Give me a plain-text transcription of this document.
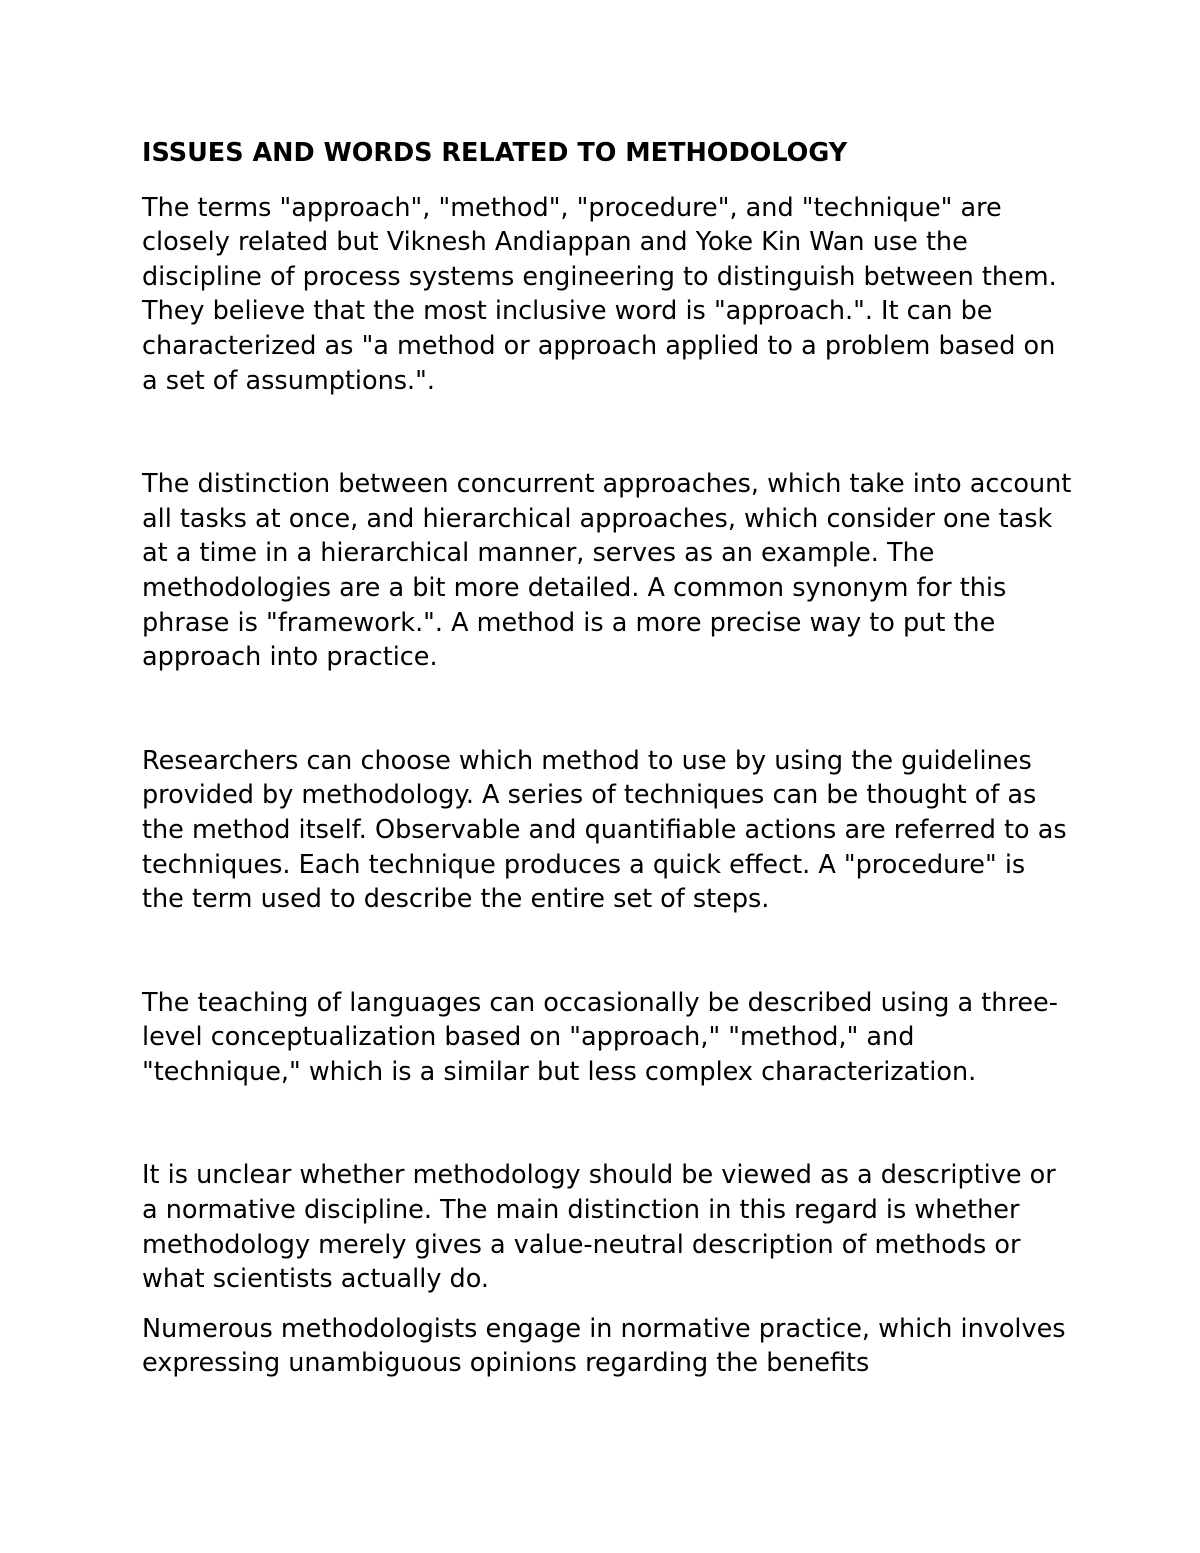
ISSUES AND WORDS RELATED TO METHODOLOGY

The terms "approach", "method", "procedure", and "technique" are closely related but Viknesh Andiappan and Yoke Kin Wan use the discipline of process systems engineering to distinguish between them. They believe that the most inclusive word is "approach.". It can be characterized as "a method or approach applied to a problem based on a set of assumptions.".

The distinction between concurrent approaches, which take into account all tasks at once, and hierarchical approaches, which consider one task at a time in a hierarchical manner, serves as an example. The methodologies are a bit more detailed. A common synonym for this phrase is "framework.". A method is a more precise way to put the approach into practice.

Researchers can choose which method to use by using the guidelines provided by methodology. A series of techniques can be thought of as the method itself. Observable and quantifiable actions are referred to as techniques. Each technique produces a quick effect. A "procedure" is the term used to describe the entire set of steps.

The teaching of languages can occasionally be described using a three-level conceptualization based on "approach," "method," and "technique," which is a similar but less complex characterization.

It is unclear whether methodology should be viewed as a descriptive or a normative discipline. The main distinction in this regard is whether methodology merely gives a value-neutral description of methods or what scientists actually do.

Numerous methodologists engage in normative practice, which involves expressing unambiguous opinions regarding the benefits
